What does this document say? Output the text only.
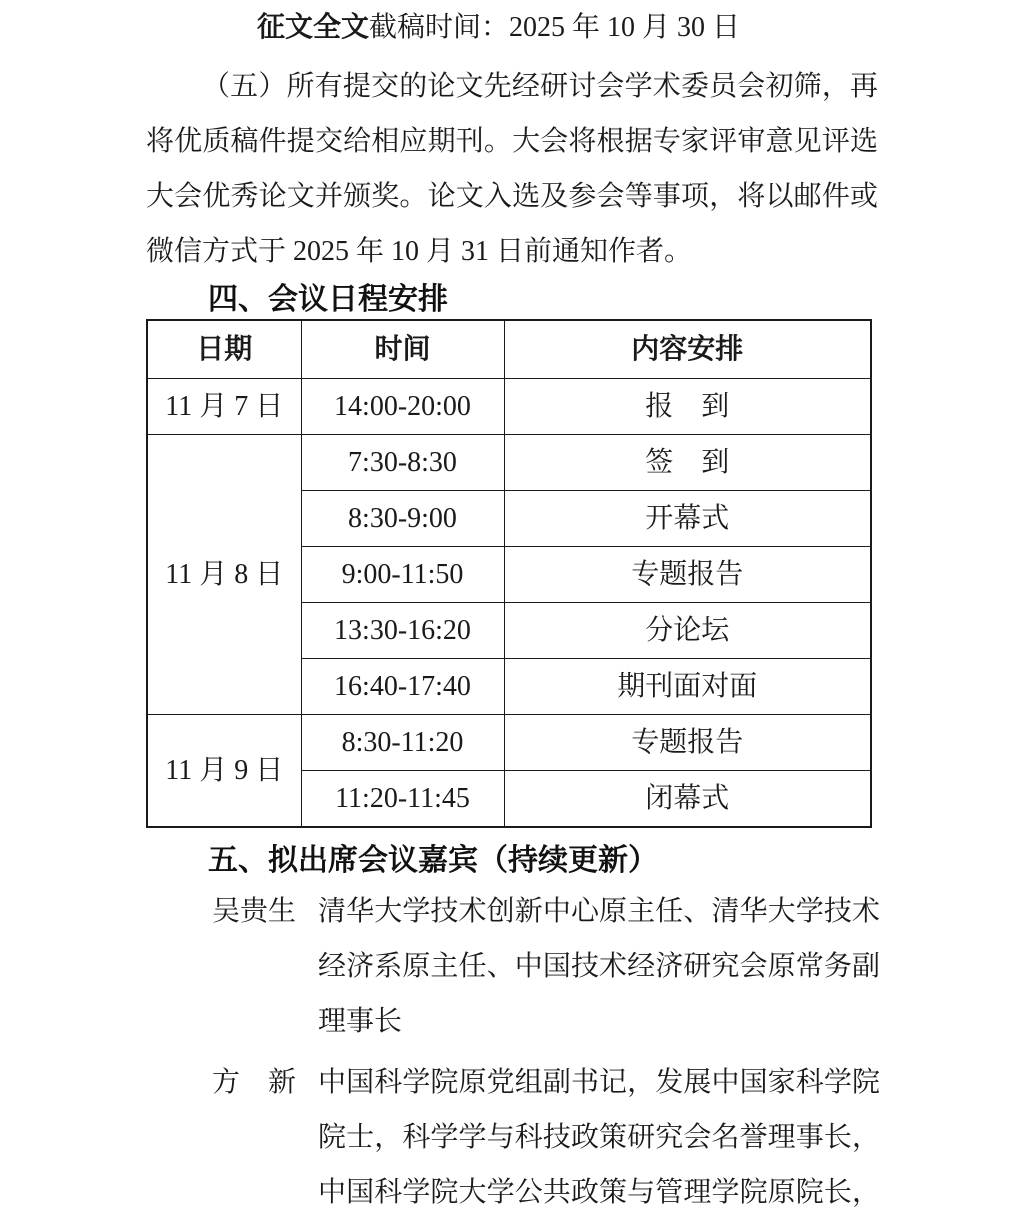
征文全文截稿时间：2025 年 10 月 30 日
（五）所有提交的论文先经研讨会学术委员会初筛，再
将优质稿件提交给相应期刊。大会将根据专家评审意见评选
大会优秀论文并颁奖。论文入选及参会等事项，将以邮件或
微信方式于 2025 年 10 月 31 日前通知作者。
四、会议日程安排
日期	时间	内容安排
11 月 7 日	14:00-20:00	报　到
11 月 8 日	7:30-8:30	签　到
	8:30-9:00	开幕式
	9:00-11:50	专题报告
	13:30-16:20	分论坛
	16:40-17:40	期刊面对面
11 月 9 日	8:30-11:20	专题报告
	11:20-11:45	闭幕式
五、拟出席会议嘉宾（持续更新）
吴贵生 清华大学技术创新中心原主任、清华大学技术
经济系原主任、中国技术经济研究会原常务副
理事长
方　新 中国科学院原党组副书记，发展中国家科学院
院士，科学学与科技政策研究会名誉理事长，
中国科学院大学公共政策与管理学院原院长，
